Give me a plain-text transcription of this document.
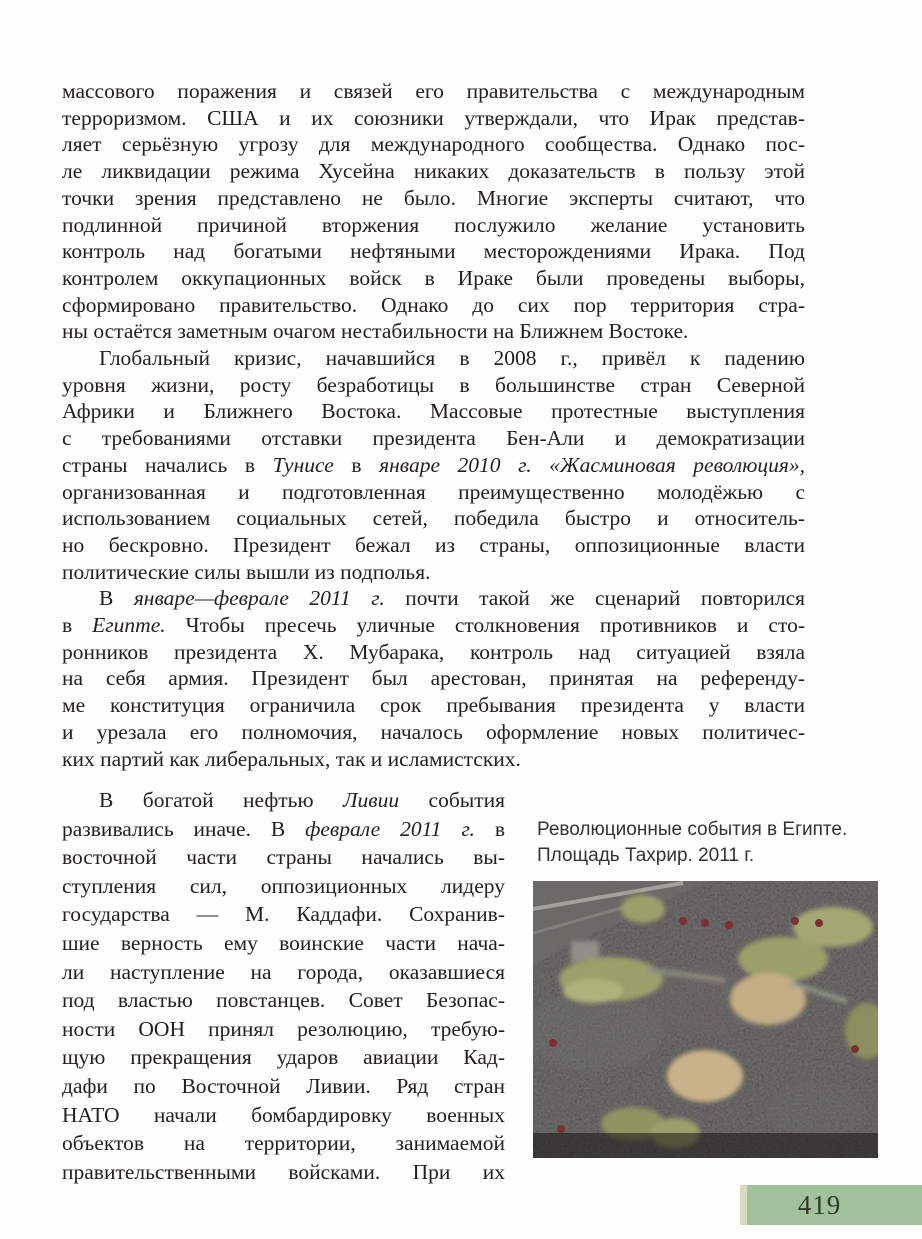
массового поражения и связей его правительства с международным
терроризмом. США и их союзники утверждали, что Ирак представ-
ляет серьёзную угрозу для международного сообщества. Однако пос-
ле ликвидации режима Хусейна никаких доказательств в пользу этой
точки зрения представлено не было. Многие эксперты считают, что
подлинной причиной вторжения послужило желание установить
контроль над богатыми нефтяными месторождениями Ирака. Под
контролем оккупационных войск в Ираке были проведены выборы,
сформировано правительство. Однако до сих пор территория стра-
ны остаётся заметным очагом нестабильности на Ближнем Востоке.
Глобальный кризис, начавшийся в 2008 г., привёл к падению
уровня жизни, росту безработицы в большинстве стран Северной
Африки и Ближнего Востока. Массовые протестные выступления
с требованиями отставки президента Бен-Али и демократизации
страны начались в Тунисе в январе 2010 г. «Жасминовая революция»,
организованная и подготовленная преимущественно молодёжью с
использованием социальных сетей, победила быстро и относитель-
но бескровно. Президент бежал из страны, оппозиционные власти
политические силы вышли из подполья.
В январе—феврале 2011 г. почти такой же сценарий повторился
в Египте. Чтобы пресечь уличные столкновения противников и сто-
ронников президента Х. Мубарака, контроль над ситуацией взяла
на себя армия. Президент был арестован, принятая на референду-
ме конституция ограничила срок пребывания президента у власти
и урезала его полномочия, началось оформление новых политичес-
ких партий как либеральных, так и исламистских.
В богатой нефтью Ливии события
развивались иначе. В феврале 2011 г. в
восточной части страны начались вы-
ступления сил, оппозиционных лидеру
государства — М. Каддафи. Сохранив-
шие верность ему воинские части нача-
ли наступление на города, оказавшиеся
под властью повстанцев. Совет Безопас-
ности ООН принял резолюцию, требую-
щую прекращения ударов авиации Кад-
дафи по Восточной Ливии. Ряд стран
НАТО начали бомбардировку военных
объектов на территории, занимаемой
правительственными войсками. При их
Революционные события в Египте.
Площадь Тахрир. 2011 г.
419
